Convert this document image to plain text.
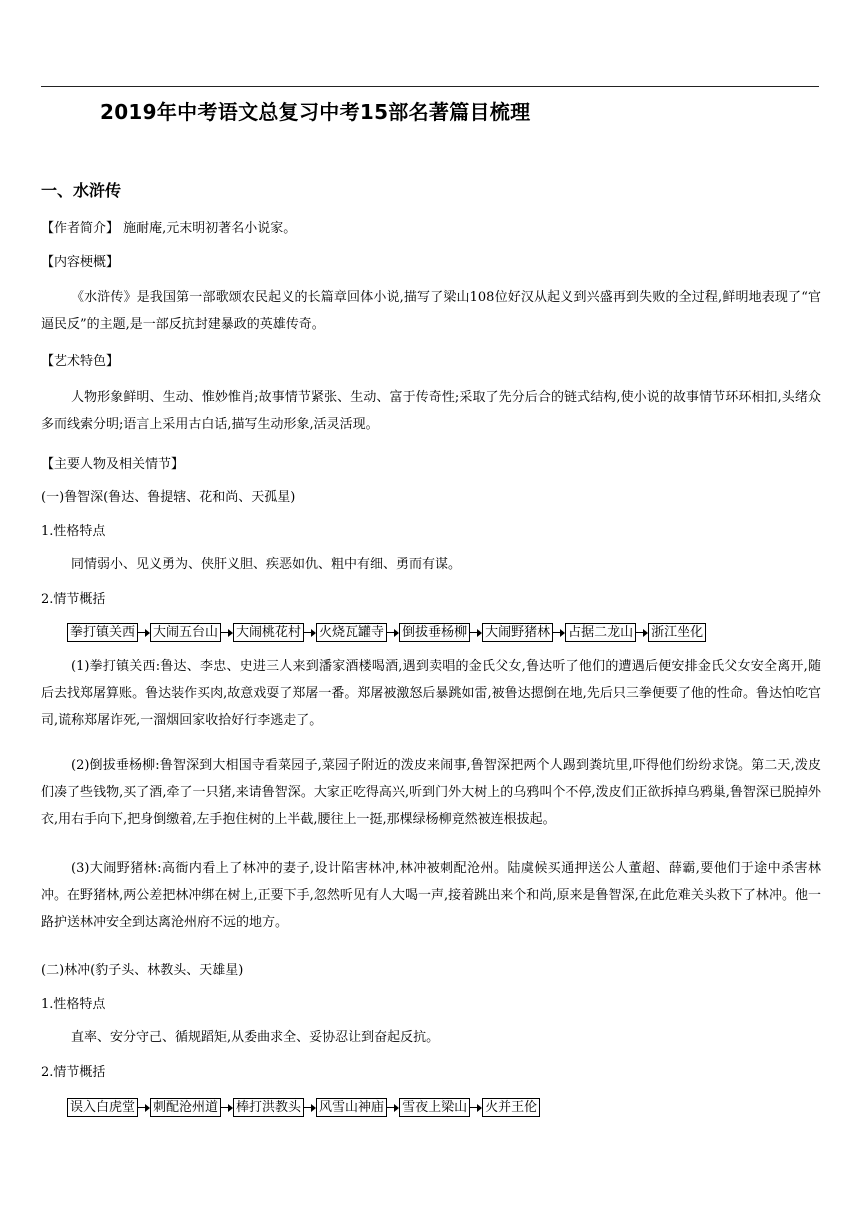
2019年中考语文总复习中考15部名著篇目梳理
一、水浒传
【作者简介】 施耐庵,元末明初著名小说家。
【内容梗概】
《水浒传》是我国第一部歌颂农民起义的长篇章回体小说,描写了梁山108位好汉从起义到兴盛再到失败的全过程,鲜明地表现了“官逼民反”的主题,是一部反抗封建暴政的英雄传奇。
【艺术特色】
人物形象鲜明、生动、惟妙惟肖;故事情节紧张、生动、富于传奇性;采取了先分后合的链式结构,使小说的故事情节环环相扣,头绪众多而线索分明;语言上采用古白话,描写生动形象,活灵活现。
【主要人物及相关情节】
(一)鲁智深(鲁达、鲁提辖、花和尚、天孤星)
1.性格特点
同情弱小、见义勇为、侠肝义胆、疾恶如仇、粗中有细、勇而有谋。
2.情节概括
拳打镇关西 大闹五台山 大闹桃花村 火烧瓦罐寺 倒拔垂杨柳 大闹野猪林 占据二龙山 浙江坐化
(1)拳打镇关西:鲁达、李忠、史进三人来到潘家酒楼喝酒,遇到卖唱的金氏父女,鲁达听了他们的遭遇后便安排金氏父女安全离开,随后去找郑屠算账。鲁达装作买肉,故意戏耍了郑屠一番。郑屠被激怒后暴跳如雷,被鲁达摁倒在地,先后只三拳便要了他的性命。鲁达怕吃官司,谎称郑屠诈死,一溜烟回家收拾好行李逃走了。
(2)倒拔垂杨柳:鲁智深到大相国寺看菜园子,菜园子附近的泼皮来闹事,鲁智深把两个人踢到粪坑里,吓得他们纷纷求饶。第二天,泼皮们凑了些钱物,买了酒,牵了一只猪,来请鲁智深。大家正吃得高兴,听到门外大树上的乌鸦叫个不停,泼皮们正欲拆掉乌鸦巢,鲁智深已脱掉外衣,用右手向下,把身倒缴着,左手抱住树的上半截,腰往上一挺,那棵绿杨柳竟然被连根拔起。
(3)大闹野猪林:高衙内看上了林冲的妻子,设计陷害林冲,林冲被刺配沧州。陆虞候买通押送公人董超、薛霸,要他们于途中杀害林冲。在野猪林,两公差把林冲绑在树上,正要下手,忽然听见有人大喝一声,接着跳出来个和尚,原来是鲁智深,在此危难关头救下了林冲。他一路护送林冲安全到达离沧州府不远的地方。
(二)林冲(豹子头、林教头、天雄星)
1.性格特点
直率、安分守己、循规蹈矩,从委曲求全、妥协忍让到奋起反抗。
2.情节概括
误入白虎堂 刺配沧州道 棒打洪教头 风雪山神庙 雪夜上梁山 火并王伦
